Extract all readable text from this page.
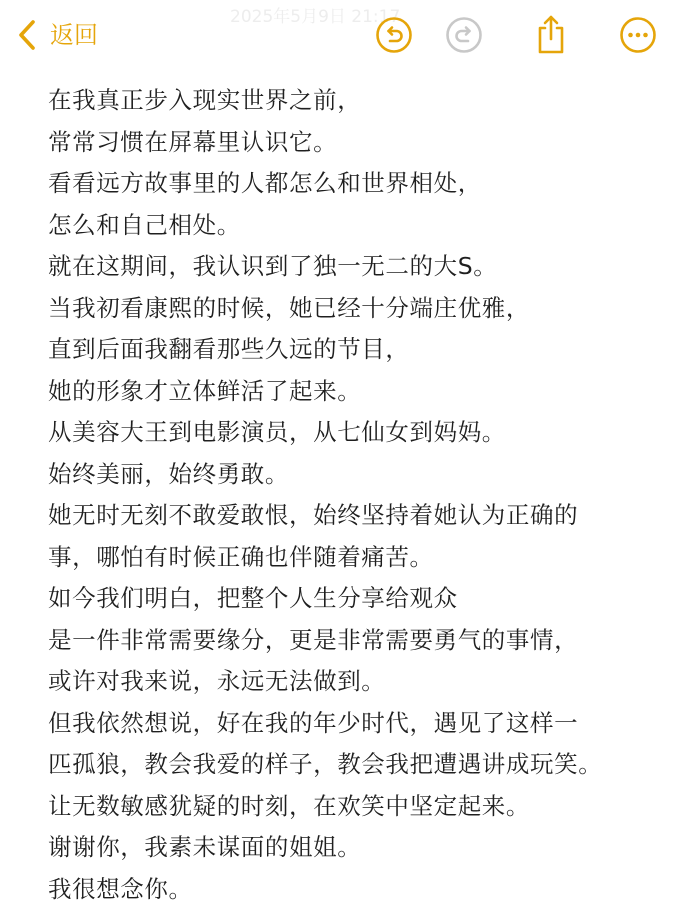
2025年5月9日 21:17
返回
在我真正步入现实世界之前，
常常习惯在屏幕里认识它。
看看远方故事里的人都怎么和世界相处，
怎么和自己相处。
就在这期间，我认识到了独一无二的大S。
当我初看康熙的时候，她已经十分端庄优雅，
直到后面我翻看那些久远的节目，
她的形象才立体鲜活了起来。
从美容大王到电影演员，从七仙女到妈妈。
始终美丽，始终勇敢。
她无时无刻不敢爱敢恨，始终坚持着她认为正确的
事，哪怕有时候正确也伴随着痛苦。
如今我们明白，把整个人生分享给观众
是一件非常需要缘分，更是非常需要勇气的事情，
或许对我来说，永远无法做到。
但我依然想说，好在我的年少时代，遇见了这样一
匹孤狼，教会我爱的样子，教会我把遭遇讲成玩笑。
让无数敏感犹疑的时刻，在欢笑中坚定起来。
谢谢你，我素未谋面的姐姐。
我很想念你。
